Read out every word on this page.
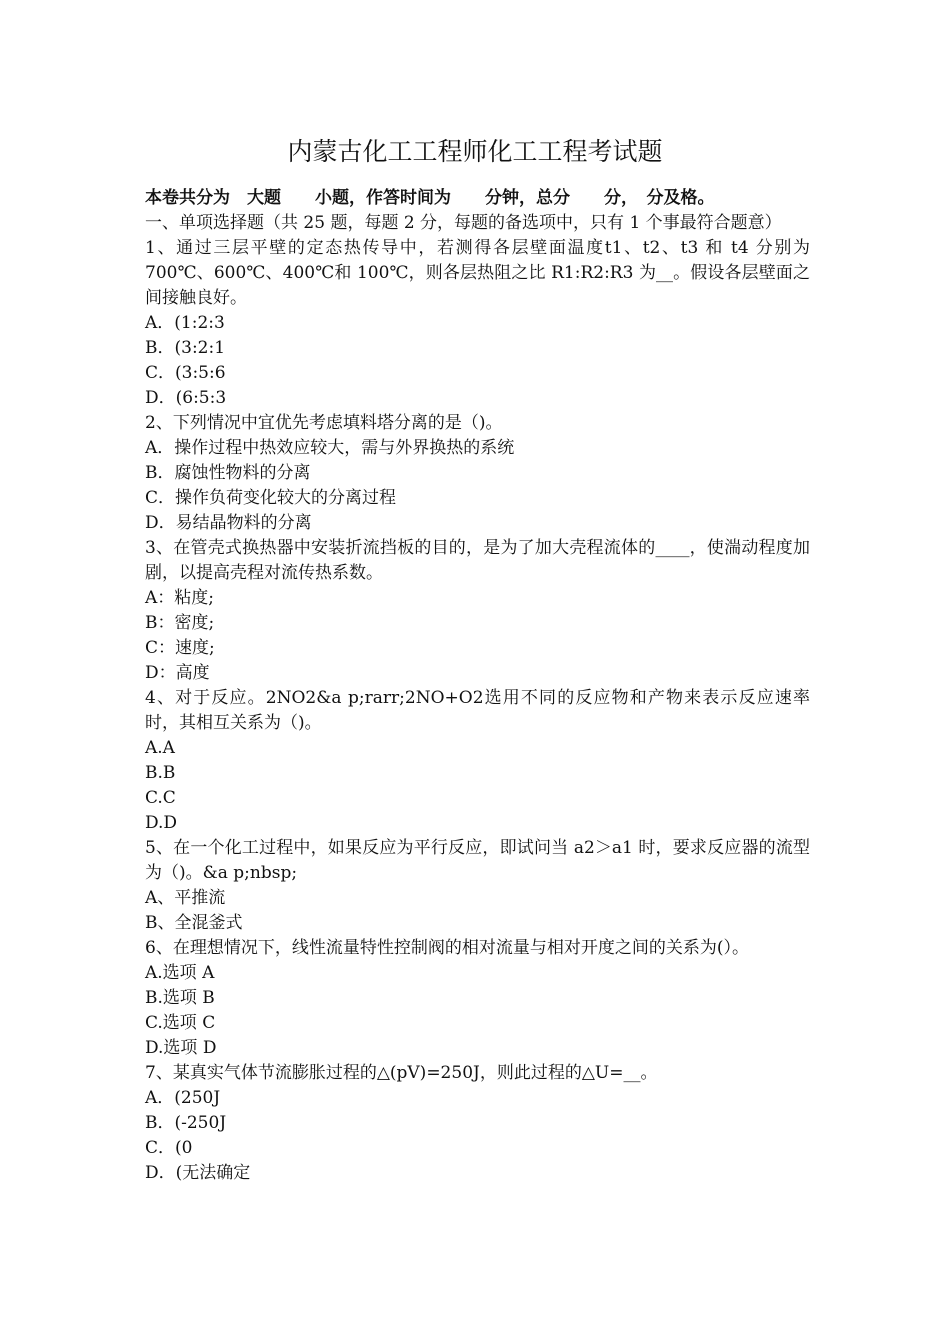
内蒙古化工工程师化工工程考试题
本卷共分为　大题　　小题，作答时间为　　分钟，总分　　分，　分及格。
一、单项选择题（共 25 题，每题 2 分，每题的备选项中，只有 1 个事最符合题意）
1、通过三层平壁的定态热传导中，若测得各层壁面温度t1、t2、t3 和 t4 分别为 700℃、600℃、400℃和 100℃，则各层热阻之比 R1:R2:R3 为__。假设各层壁面之间接触良好。
A．(1:2:3
B．(3:2:1
C．(3:5:6
D．(6:5:3
2、下列情况中宜优先考虑填料塔分离的是（)。
A．操作过程中热效应较大，需与外界换热的系统
B．腐蚀性物料的分离
C．操作负荷变化较大的分离过程
D．易结晶物料的分离
3、在管壳式换热器中安装折流挡板的目的，是为了加大壳程流体的____，使湍动程度加剧，以提高壳程对流传热系数。
A：粘度;
B：密度;
C：速度;
D：高度
4、对于反应。2NO2&a p;rarr;2NO+O2选用不同的反应物和产物来表示反应速率时，其相互关系为（)。
A.A
B.B
C.C
D.D
5、在一个化工过程中，如果反应为平行反应，即试问当 a2＞a1 时，要求反应器的流型为（)。&a p;nbsp;
A、平推流
B、全混釜式
6、在理想情况下，线性流量特性控制阀的相对流量与相对开度之间的关系为(）。
A.选项 A
B.选项 B
C.选项 C
D.选项 D
7、某真实气体节流膨胀过程的△(pV)=250J，则此过程的△U=__。
A．(250J
B．(-250J
C．(0
D．(无法确定
